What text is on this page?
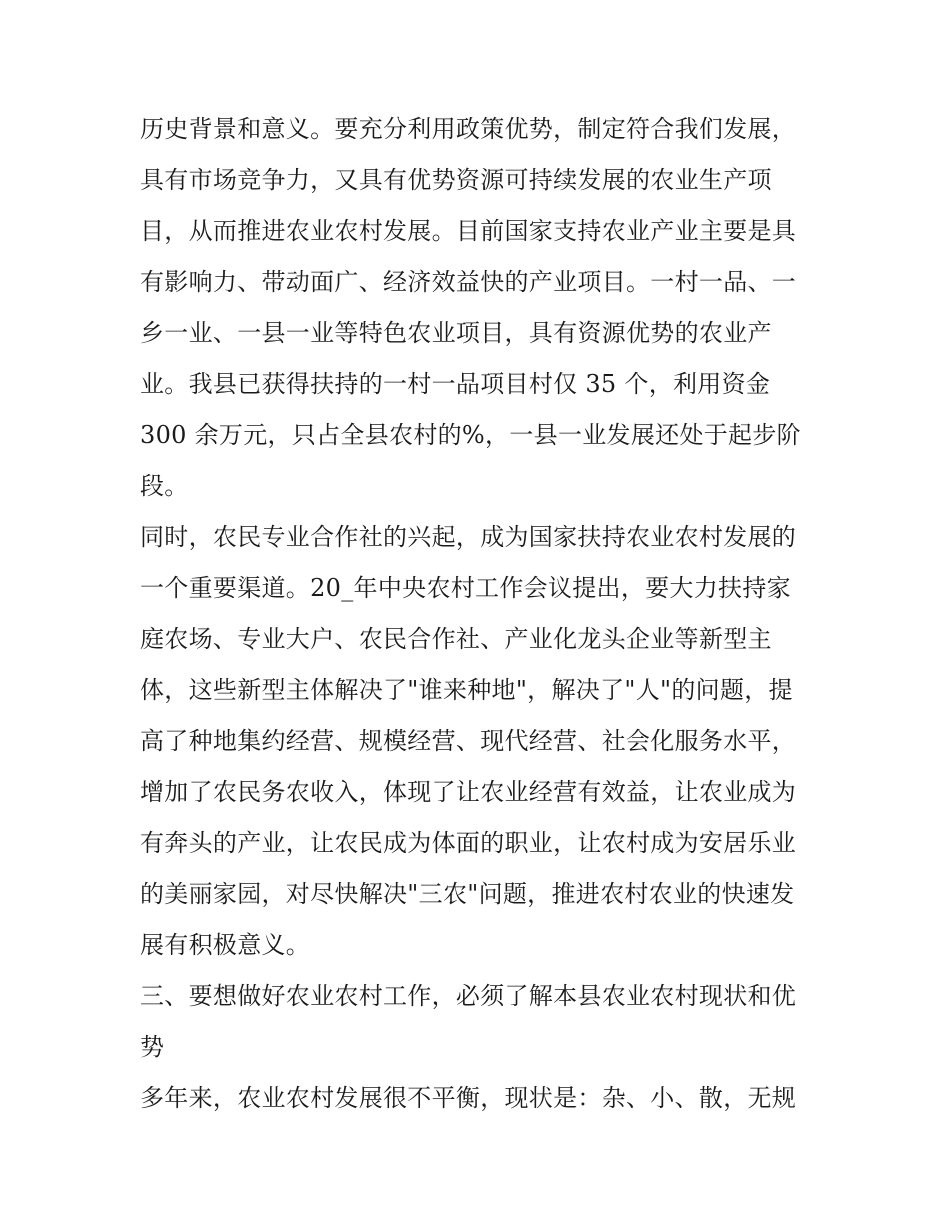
历史背景和意义。要充分利用政策优势，制定符合我们发展，
具有市场竞争力，又具有优势资源可持续发展的农业生产项
目，从而推进农业农村发展。目前国家支持农业产业主要是具
有影响力、带动面广、经济效益快的产业项目。一村一品、一
乡一业、一县一业等特色农业项目，具有资源优势的农业产
业。我县已获得扶持的一村一品项目村仅 35 个，利用资金
300 余万元，只占全县农村的%，一县一业发展还处于起步阶
段。
同时，农民专业合作社的兴起，成为国家扶持农业农村发展的
一个重要渠道。20_年中央农村工作会议提出，要大力扶持家
庭农场、专业大户、农民合作社、产业化龙头企业等新型主
体，这些新型主体解决了"谁来种地"，解决了"人"的问题，提
高了种地集约经营、规模经营、现代经营、社会化服务水平，
增加了农民务农收入，体现了让农业经营有效益，让农业成为
有奔头的产业，让农民成为体面的职业，让农村成为安居乐业
的美丽家园，对尽快解决"三农"问题，推进农村农业的快速发
展有积极意义。
三、要想做好农业农村工作，必须了解本县农业农村现状和优
势
多年来，农业农村发展很不平衡，现状是：杂、小、散，无规
